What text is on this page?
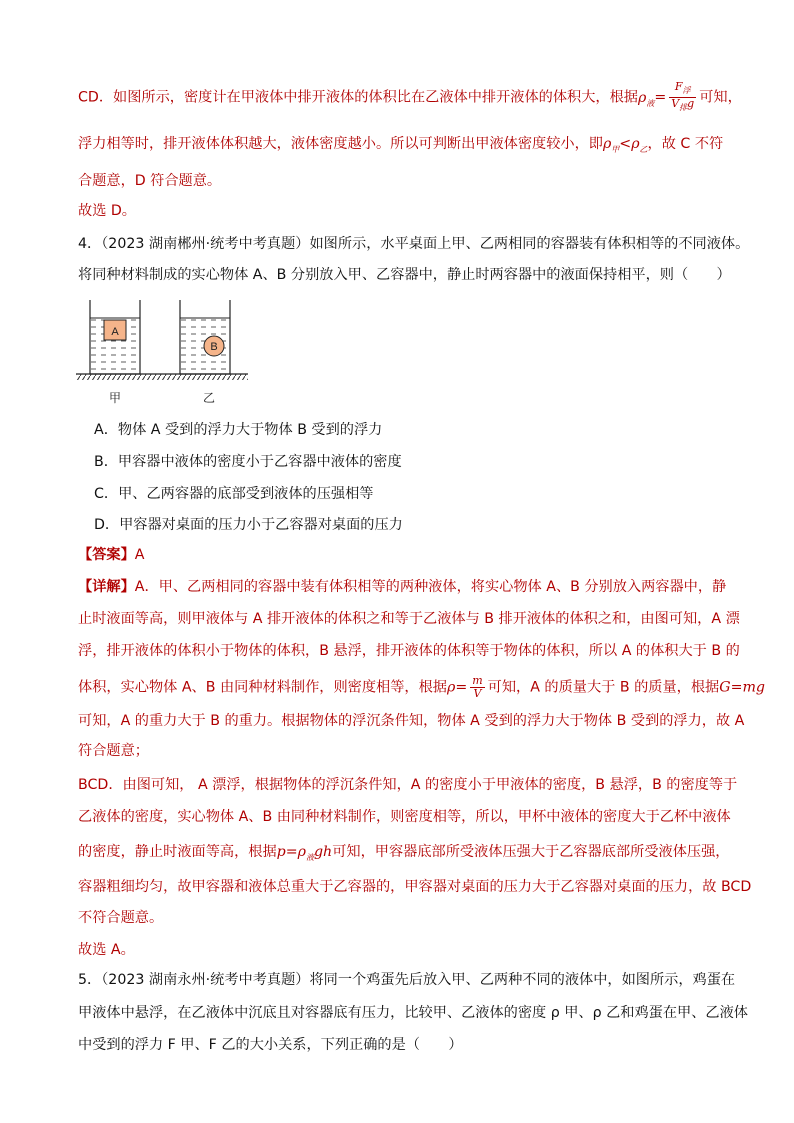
CD．如图所示，密度计在甲液体中排开液体的体积比在乙液体中排开液体的体积大，根据$\rho_液= \frac{F_浮}{V_排g}$ 可知，
浮力相等时，排开液体体积越大，液体密度越小。所以可判断出甲液体密度较小，即$\rho_甲<\rho_乙$，故 C 不符
合题意，D 符合题意。
故选 D。
4．（2023 湖南郴州·统考中考真题）如图所示，水平桌面上甲、乙两相同的容器装有体积相等的不同液体。
将同种材料制成的实心物体 A、B 分别放入甲、乙容器中，静止时两容器中的液面保持相平，则（　　）
A
B
甲	乙
A．物体 A 受到的浮力大于物体 B 受到的浮力
B．甲容器中液体的密度小于乙容器中液体的密度
C．甲、乙两容器的底部受到液体的压强相等
D．甲容器对桌面的压力小于乙容器对桌面的压力
【答案】A
【详解】A．甲、乙两相同的容器中装有体积相等的两种液体，将实心物体 A、B 分别放入两容器中，静
止时液面等高，则甲液体与 A 排开液体的体积之和等于乙液体与 B 排开液体的体积之和，由图可知，A 漂
浮，排开液体的体积小于物体的体积，B 悬浮，排开液体的体积等于物体的体积，所以 A 的体积大于 B 的
体积，实心物体 A、B 由同种材料制作，则密度相等，根据$\rho= \frac{m}{V}$ 可知，A 的质量大于 B 的质量，根据G=mg
可知，A 的重力大于 B 的重力。根据物体的浮沉条件知，物体 A 受到的浮力大于物体 B 受到的浮力，故 A
符合题意；
BCD．由图可知， A 漂浮，根据物体的浮沉条件知，A 的密度小于甲液体的密度，B 悬浮，B 的密度等于
乙液体的密度，实心物体 A、B 由同种材料制作，则密度相等，所以，甲杯中液体的密度大于乙杯中液体
的密度，静止时液面等高，根据$p=\rho_液gh$可知，甲容器底部所受液体压强大于乙容器底部所受液体压强，
容器粗细均匀，故甲容器和液体总重大于乙容器的，甲容器对桌面的压力大于乙容器对桌面的压力，故 BCD
不符合题意。
故选 A。
5．（2023 湖南永州·统考中考真题）将同一个鸡蛋先后放入甲、乙两种不同的液体中，如图所示，鸡蛋在
甲液体中悬浮，在乙液体中沉底且对容器底有压力，比较甲、乙液体的密度 ρ 甲、ρ 乙和鸡蛋在甲、乙液体
中受到的浮力 F 甲、F 乙的大小关系，下列正确的是（　　）
